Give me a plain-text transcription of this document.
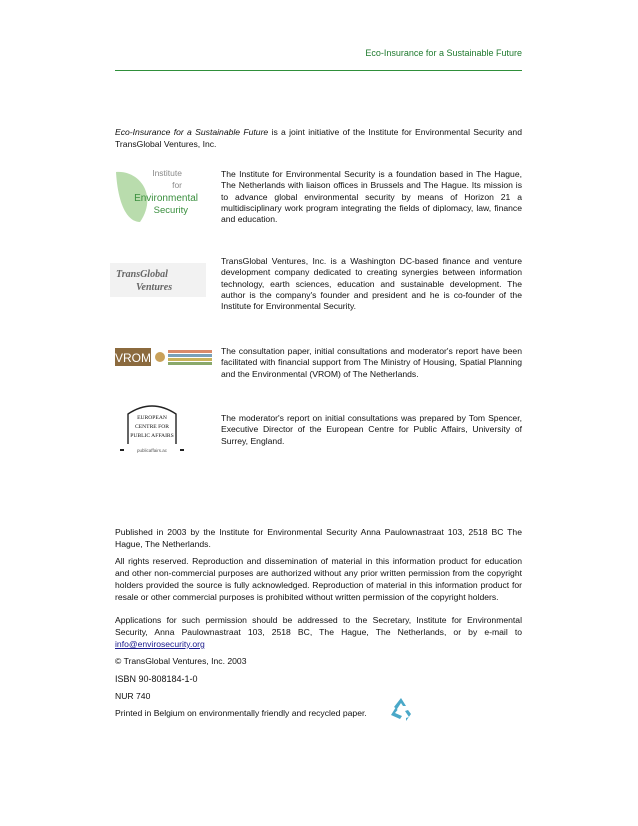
Eco-Insurance for a Sustainable Future
Eco-Insurance for a Sustainable Future is a joint initiative of the Institute for Environmental Security and TransGlobal Ventures, Inc.
Institute
for
Environmental
Security
The Institute for Environmental Security is a foundation based in The Hague, The Netherlands with liaison offices in Brussels and The Hague. Its mission is to advance global environmental security by means of Horizon 21 a multidisciplinary work program integrating the fields of diplomacy, law, finance and education.
TransGlobal
Ventures
TransGlobal Ventures, Inc. is a Washington DC-based finance and venture development company dedicated to creating synergies between information technology, earth sciences, education and sustainable development. The author is the company's founder and president and he is co-founder of the Institute for Environmental Security.
VROM	The consultation paper, initial consultations and moderator's report have been facilitated with financial support from The Ministry of Housing, Spatial Planning and the Environmental (VROM) of The Netherlands.
EUROPEAN
CENTRE FOR
PUBLIC AFFAIRS
publicaffairs.ac
The moderator's report on initial consultations was prepared by Tom Spencer, Executive Director of the European Centre for Public Affairs, University of Surrey, England.
Published in 2003 by the Institute for Environmental Security Anna Paulownastraat 103, 2518 BC The Hague, The Netherlands.
All rights reserved. Reproduction and dissemination of material in this information product for education and other non-commercial purposes are authorized without any prior written permission from the copyright holders provided the source is fully acknowledged. Reproduction of material in this information product for resale or other commercial purposes is prohibited without written permission of the copyright holders.
Applications for such permission should be addressed to the Secretary, Institute for Environmental Security, Anna Paulownastraat 103, 2518 BC, The Hague, The Netherlands, or by e-mail to info@envirosecurity.org
© TransGlobal Ventures, Inc. 2003
ISBN 90-808184-1-0
NUR 740
Printed in Belgium on environmentally friendly and recycled paper.
